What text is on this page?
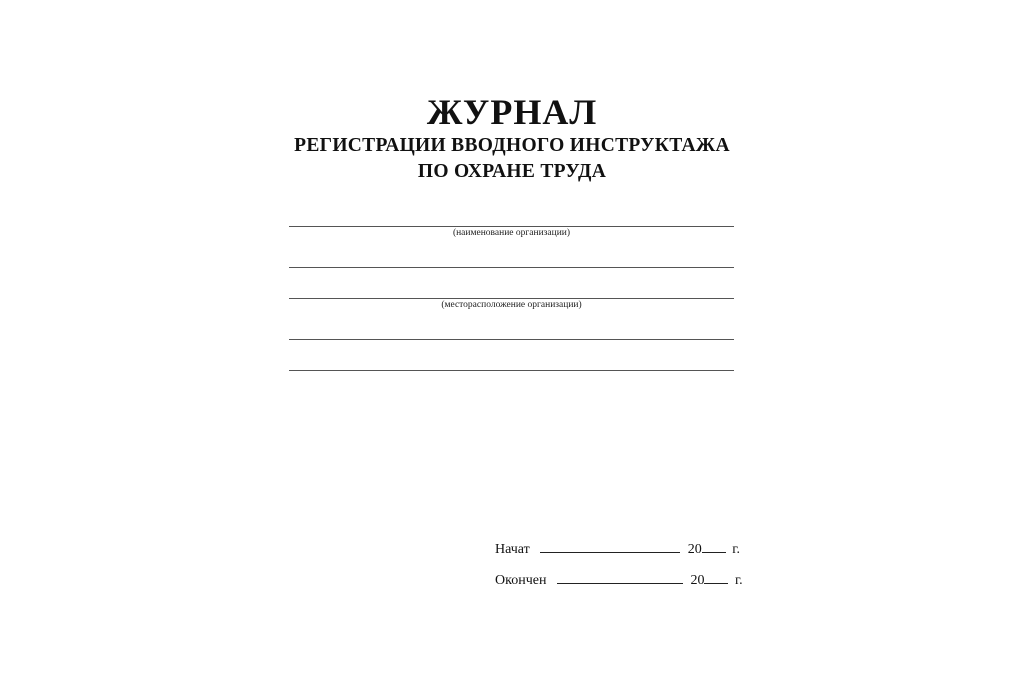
ЖУРНАЛ
РЕГИСТРАЦИИ ВВОДНОГО ИНСТРУКТАЖА
ПО ОХРАНЕ ТРУДА
(наименование организации)
(месторасположение организации)
Начат	20 г.
Окончен	20 г.
